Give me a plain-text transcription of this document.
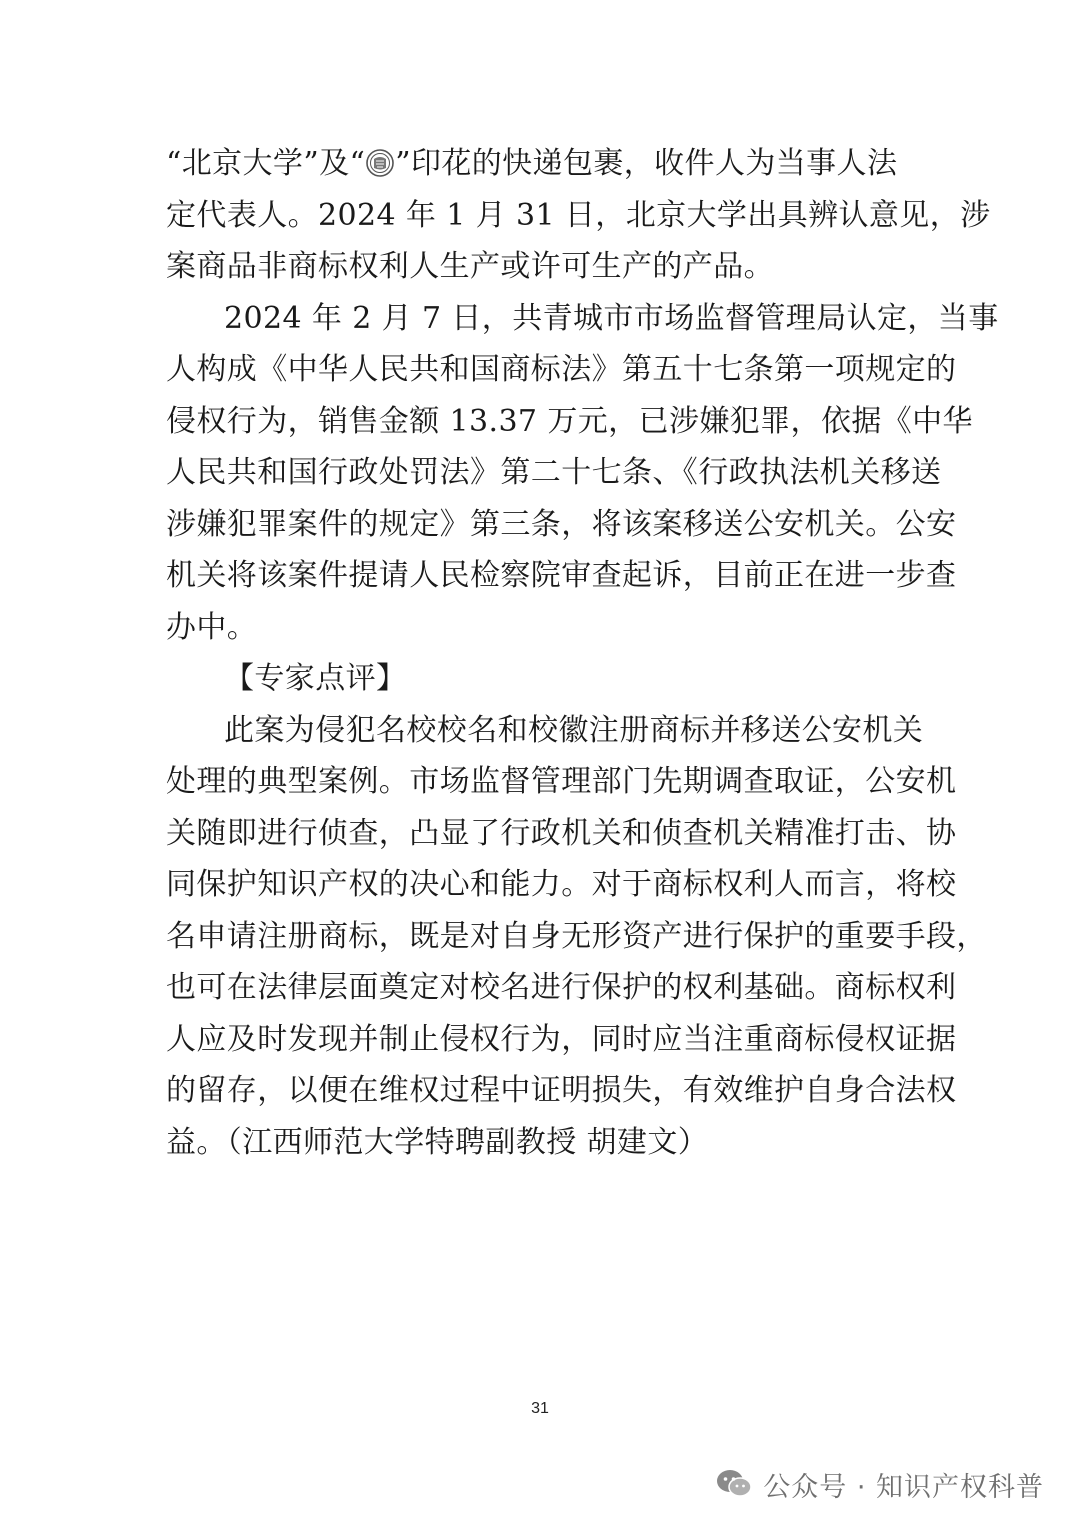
“北京大学”及“ ”印花的快递包裹，收件人为当事人法
定代表人。2024 年 1 月 31 日，北京大学出具辨认意见，涉
案商品非商标权利人生产或许可生产的产品。

2024 年 2 月 7 日，共青城市市场监督管理局认定，当事
人构成《中华人民共和国商标法》第五十七条第一项规定的
侵权行为，销售金额 13.37 万元，已涉嫌犯罪，依据《中华
人民共和国行政处罚法》第二十七条、《行政执法机关移送
涉嫌犯罪案件的规定》第三条，将该案移送公安机关。公安
机关将该案件提请人民检察院审查起诉，目前正在进一步查
办中。

【专家点评】

此案为侵犯名校校名和校徽注册商标并移送公安机关
处理的典型案例。市场监督管理部门先期调查取证，公安机
关随即进行侦查，凸显了行政机关和侦查机关精准打击、协
同保护知识产权的决心和能力。对于商标权利人而言，将校
名申请注册商标，既是对自身无形资产进行保护的重要手段，
也可在法律层面奠定对校名进行保护的权利基础。商标权利
人应及时发现并制止侵权行为，同时应当注重商标侵权证据
的留存，以便在维权过程中证明损失，有效维护自身合法权
益。（江西师范大学特聘副教授 胡建文）

31
公众号 · 知识产权科普
